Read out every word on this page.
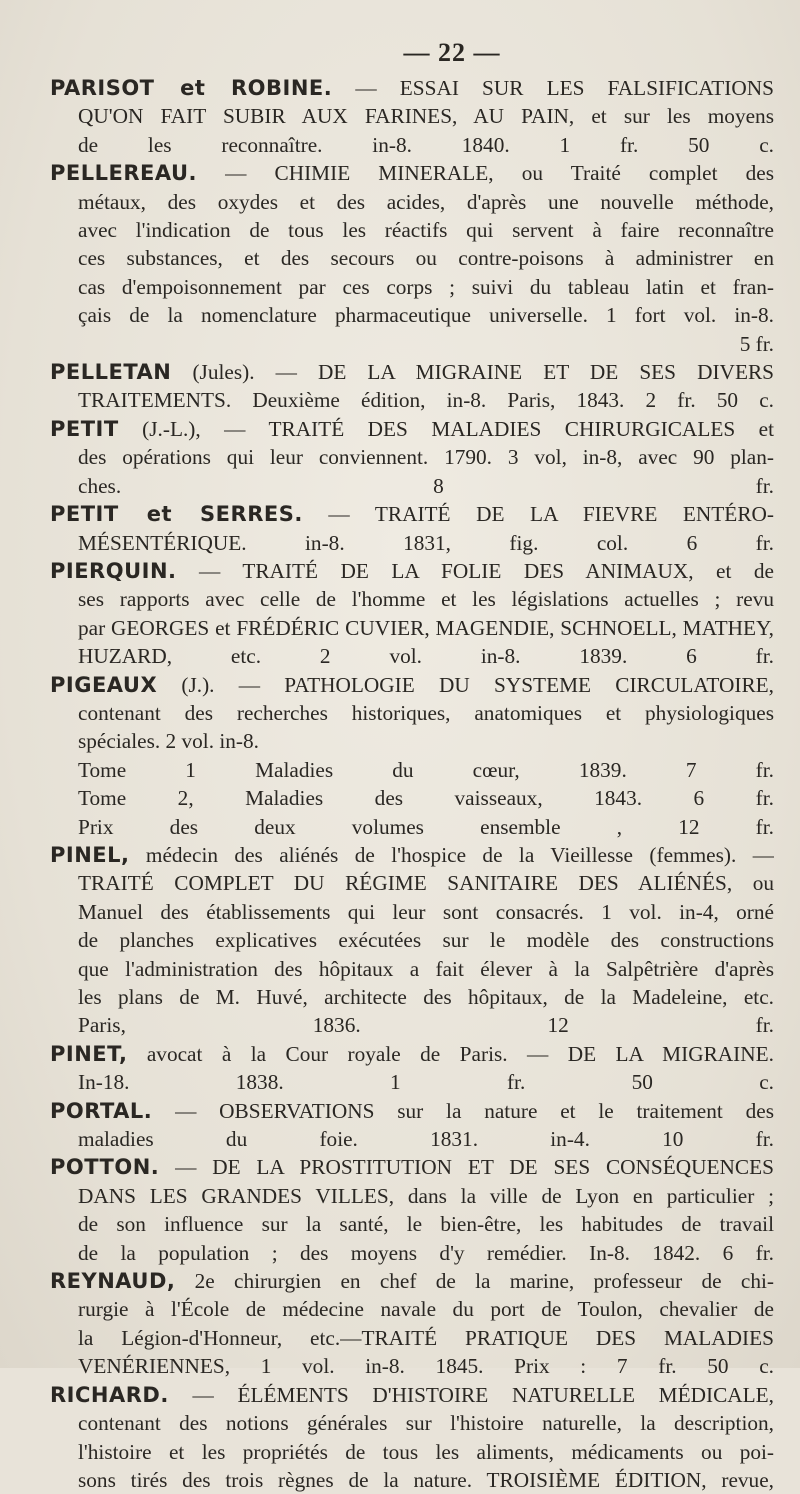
— 22 —
PARISOT et ROBINE. — ESSAI SUR LES FALSIFICATIONS
QU'ON FAIT SUBIR AUX FARINES, AU PAIN, et sur les moyens
de les reconnaître. in-8. 1840. 1 fr. 50 c.
PELLEREAU. — CHIMIE MINERALE, ou Traité complet des
métaux, des oxydes et des acides, d'après une nouvelle méthode,
avec l'indication de tous les réactifs qui servent à faire reconnaître
ces substances, et des secours ou contre-poisons à administrer en
cas d'empoisonnement par ces corps ; suivi du tableau latin et fran-
çais de la nomenclature pharmaceutique universelle. 1 fort vol. in-8.
5 fr.
PELLETAN (Jules). — DE LA MIGRAINE ET DE SES DIVERS
TRAITEMENTS. Deuxième édition, in-8. Paris, 1843. 2 fr. 50 c.
PETIT (J.-L.), — TRAITÉ DES MALADIES CHIRURGICALES et
des opérations qui leur conviennent. 1790. 3 vol, in-8, avec 90 plan-
ches. 8 fr.
PETIT et SERRES. — TRAITÉ DE LA FIEVRE ENTÉRO-
MÉSENTÉRIQUE. in-8. 1831, fig. col. 6 fr.
PIERQUIN. — TRAITÉ DE LA FOLIE DES ANIMAUX, et de
ses rapports avec celle de l'homme et les législations actuelles ; revu
par GEORGES et FRÉDÉRIC CUVIER, MAGENDIE, SCHNOELL, MATHEY,
HUZARD, etc. 2 vol. in-8. 1839. 6 fr.
PIGEAUX (J.). — PATHOLOGIE DU SYSTEME CIRCULATOIRE,
contenant des recherches historiques, anatomiques et physiologiques
spéciales. 2 vol. in-8.
Tome 1 Maladies du cœur, 1839. 7 fr.
Tome 2, Maladies des vaisseaux, 1843. 6 fr.
Prix des deux volumes ensemble , 12 fr.
PINEL, médecin des aliénés de l'hospice de la Vieillesse (femmes). —
TRAITÉ COMPLET DU RÉGIME SANITAIRE DES ALIÉNÉS, ou
Manuel des établissements qui leur sont consacrés. 1 vol. in-4, orné
de planches explicatives exécutées sur le modèle des constructions
que l'administration des hôpitaux a fait élever à la Salpêtrière d'après
les plans de M. Huvé, architecte des hôpitaux, de la Madeleine, etc.
Paris, 1836. 12 fr.
PINET, avocat à la Cour royale de Paris. — DE LA MIGRAINE.
In-18. 1838. 1 fr. 50 c.
PORTAL. — OBSERVATIONS sur la nature et le traitement des
maladies du foie. 1831. in-4. 10 fr.
POTTON. — DE LA PROSTITUTION ET DE SES CONSÉQUENCES
DANS LES GRANDES VILLES, dans la ville de Lyon en particulier ;
de son influence sur la santé, le bien-être, les habitudes de travail
de la population ; des moyens d'y remédier. In-8. 1842. 6 fr.
REYNAUD, 2e chirurgien en chef de la marine, professeur de chi-
rurgie à l'École de médecine navale du port de Toulon, chevalier de
la Légion-d'Honneur, etc.—TRAITÉ PRATIQUE DES MALADIES
VENÉRIENNES, 1 vol. in-8. 1845. Prix : 7 fr. 50 c.
RICHARD. — ÉLÉMENTS D'HISTOIRE NATURELLE MÉDICALE,
contenant des notions générales sur l'histoire naturelle, la description,
l'histoire et les propriétés de tous les aliments, médicaments ou poi-
sons tirés des trois règnes de la nature. TROISIÈME ÉDITION, revue,
